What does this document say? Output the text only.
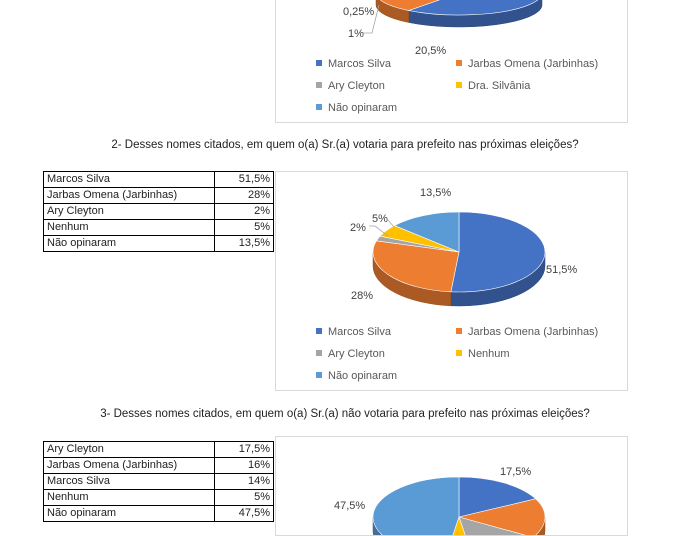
0,25%
1%
20,5%
Marcos Silva	Jarbas Omena (Jarbinhas)
Ary Cleyton	Dra. Silvânia
Não opinaram
2- Desses nomes citados, em quem o(a) Sr.(a) votaria para prefeito nas próximas eleições?
Marcos Silva	51,5%
Jarbas Omena (Jarbinhas)	28%
Ary Cleyton	2%
Nenhum	5%
Não opinaram	13,5%
51,5%
28%
2%
5%
13,5%
Marcos Silva	Jarbas Omena (Jarbinhas)
Ary Cleyton	Nenhum
Não opinaram
3- Desses nomes citados, em quem o(a) Sr.(a) não votaria para prefeito nas próximas eleições?
Ary Cleyton	17,5%
Jarbas Omena (Jarbinhas)	16%
Marcos Silva	14%
Nenhum	5%
Não opinaram	47,5%
17,5%
47,5%
